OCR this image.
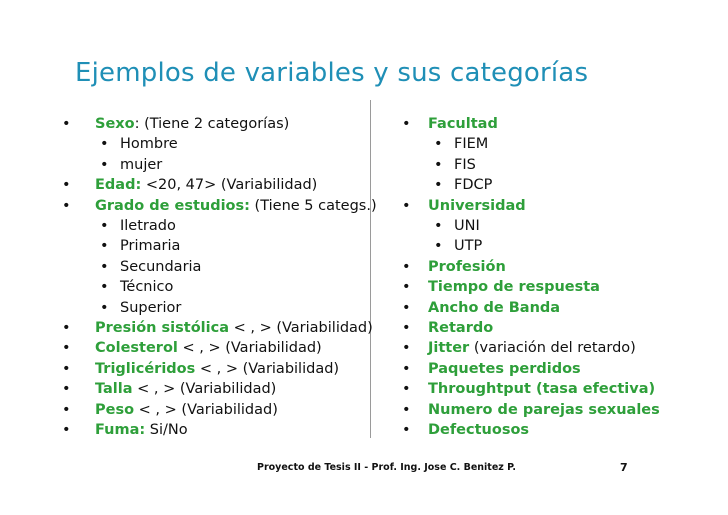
Ejemplos de variables y sus categorías
• Sexo: (Tiene 2 categorías)
• Hombre
• mujer
• Edad: <20, 47> (Variabilidad)
• Grado de estudios: (Tiene 5 categs.)
• Iletrado
• Primaria
• Secundaria
• Técnico
• Superior
• Presión sistólica < , > (Variabilidad)
• Colesterol < , > (Variabilidad)
• Triglicéridos < , > (Variabilidad)
• Talla < , > (Variabilidad)
• Peso < , > (Variabilidad)
• Fuma: Si/No
• Facultad
• FIEM
• FIS
• FDCP
• Universidad
• UNI
• UTP
• Profesión
• Tiempo de respuesta
• Ancho de Banda
• Retardo
• Jitter (variación del retardo)
• Paquetes perdidos
• Throughtput (tasa efectiva)
• Numero de parejas sexuales
• Defectuosos
Proyecto de Tesis II - Prof. Ing. Jose C. Benitez P.	7
